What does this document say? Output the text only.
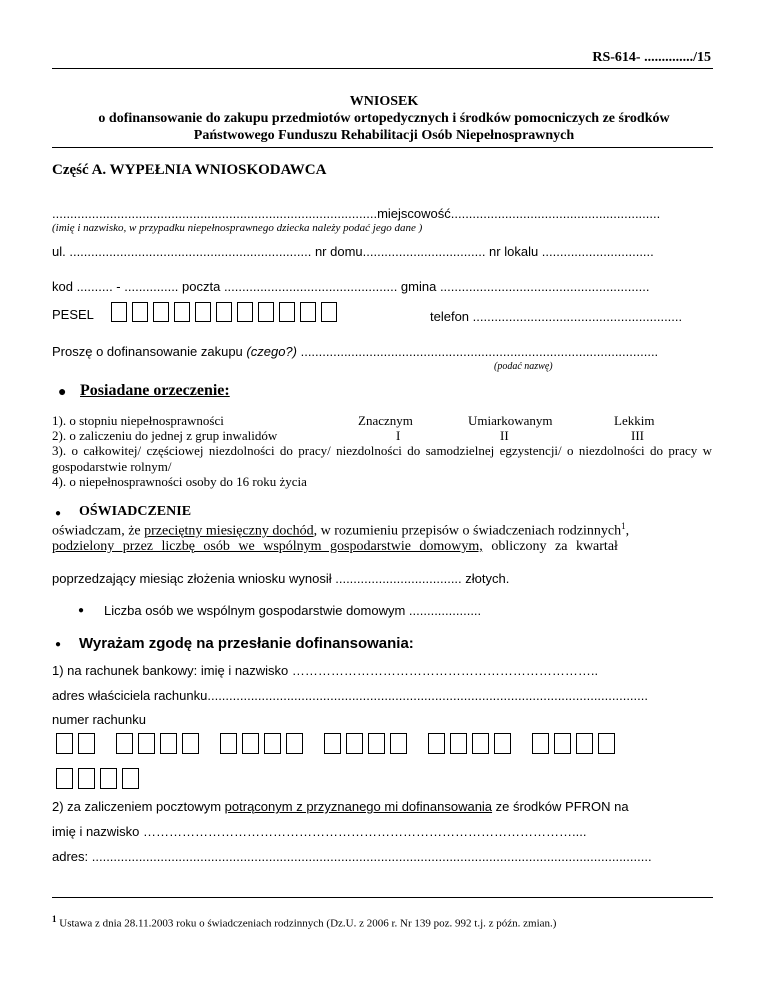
RS-614- ............../15
WNIOSEK
o dofinansowanie do zakupu przedmiotów ortopedycznych i środków pomocniczych ze środków
Państwowego Funduszu Rehabilitacji Osób Niepełnosprawnych
Część A. WYPEŁNIA WNIOSKODAWCA
..........................................................................................miejscowość..........................................................
(imię i nazwisko, w przypadku niepełnosprawnego dziecka należy podać jego dane )
ul. ................................................................... nr domu.................................. nr lokalu ...............................
kod .......... - ............... poczta ................................................ gmina ..........................................................
PESEL	telefon ..........................................................
Proszę o dofinansowanie zakupu (czego?) ...................................................................................................
(podać nazwę)
● Posiadane orzeczenie:
1). o stopniu niepełnosprawności	Znacznym	Umiarkowanym	Lekkim
2). o zaliczeniu do jednej z grup inwalidów	I	II	III
3). o całkowitej/ częściowej niezdolności do pracy/ niezdolności do samodzielnej egzystencji/ o niezdolności do pracy w gospodarstwie rolnym/
4). o niepełnosprawności osoby do 16 roku życia
● OŚWIADCZENIE
oświadczam, że przeciętny miesięczny dochód, w rozumieniu przepisów o świadczeniach rodzinnych$^1$,
podzielony przez liczbę osób we wspólnym gospodarstwie domowym, obliczony za kwartał
poprzedzający miesiąc złożenia wniosku wynosił ................................... złotych.
● Liczba osób we wspólnym gospodarstwie domowym ....................
● Wyrażam zgodę na przesłanie dofinansowania:
1) na rachunek bankowy: imię i nazwisko ……………………………………………………………..
adres właściciela rachunku..........................................................................................................................
numer rachunku
2) za zaliczeniem pocztowym potrąconym z przyznanego mi dofinansowania ze środków PFRON na
imię i nazwisko ………………………………………………………………………………………....
adres: ...........................................................................................................................................................
$^1$ Ustawa z dnia 28.11.2003 roku o świadczeniach rodzinnych (Dz.U. z 2006 r. Nr 139 poz. 992 t.j. z późn. zmian.)
